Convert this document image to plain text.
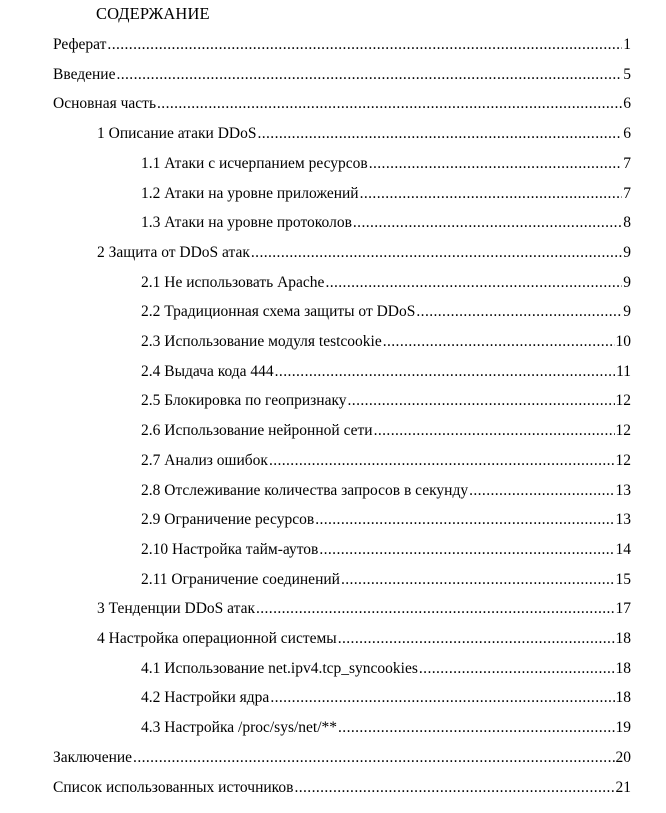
СОДЕРЖАНИЕ
Реферат .....	1
Введение .....	5
Основная часть .....	6
1 Описание атаки DDoS .....	6
1.1 Атаки с исчерпанием ресурсов .....	7
1.2 Атаки на уровне приложений .....	7
1.3 Атаки на уровне протоколов .....	8
2 Защита от DDoS атак .....	9
2.1 Не использовать Apache .....	9
2.2 Традиционная схема защиты от DDoS .....	9
2.3 Использование модуля testcookie .....	10
2.4 Выдача кода 444 .....	11
2.5 Блокировка по геопризнаку .....	12
2.6 Использование нейронной сети .....	12
2.7 Анализ ошибок .....	12
2.8 Отслеживание количества запросов в секунду .....	13
2.9 Ограничение ресурсов .....	13
2.10 Настройка тайм-аутов .....	14
2.11 Ограничение соединений .....	15
3 Тенденции DDoS атак .....	17
4 Настройка операционной системы .....	18
4.1 Использование net.ipv4.tcp_syncookies .....	18
4.2 Настройки ядра .....	18
4.3 Настройка /proc/sys/net/** .....	19
Заключение .....	20
Список использованных источников .....	21
